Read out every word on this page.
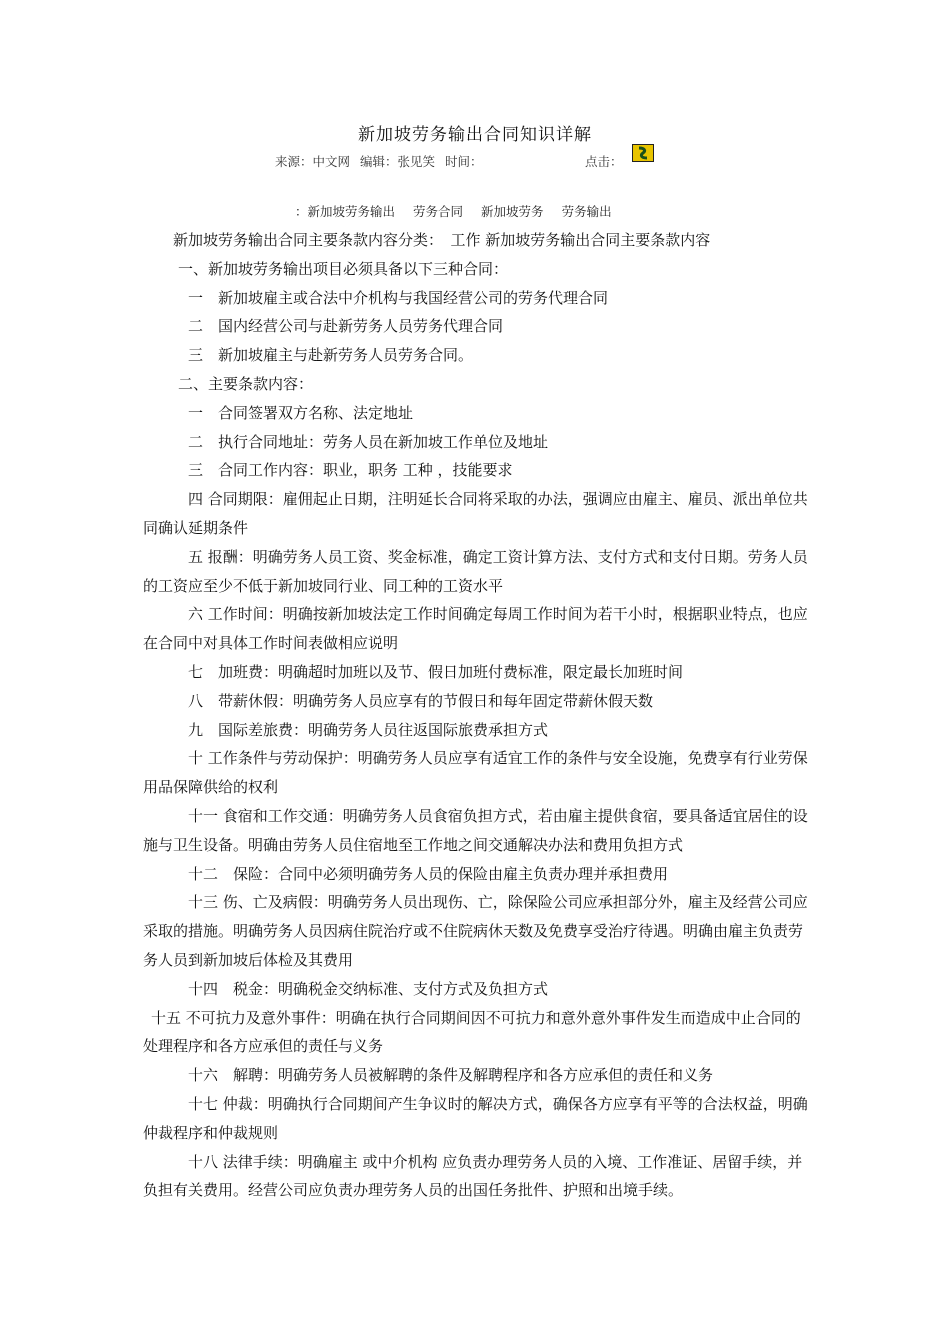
新加坡劳务输出合同知识详解
来源：中文网 编辑：张见笑 时间：	点击：
：新加坡劳务输出 劳务合同 新加坡劳务 劳务输出

新加坡劳务输出合同主要条款内容分类：　工作 新加坡劳务输出合同主要条款内容

一、新加坡劳务输出项目必须具备以下三种合同：

一　新加坡雇主或合法中介机构与我国经营公司的劳务代理合同

二　国内经营公司与赴新劳务人员劳务代理合同

三　新加坡雇主与赴新劳务人员劳务合同。

二、主要条款内容：

一　合同签署双方名称、法定地址

二　执行合同地址：劳务人员在新加坡工作单位及地址

三　合同工作内容：职业，职务 工种 ，技能要求

四 合同期限：雇佣起止日期，注明延长合同将采取的办法，强调应由雇主、雇员、派出单位共同确认延期条件

五 报酬：明确劳务人员工资、奖金标准，确定工资计算方法、支付方式和支付日期。劳务人员的工资应至少不低于新加坡同行业、同工种的工资水平

六 工作时间：明确按新加坡法定工作时间确定每周工作时间为若干小时，根据职业特点，也应在合同中对具体工作时间表做相应说明

七　加班费：明确超时加班以及节、假日加班付费标准，限定最长加班时间

八　带薪休假：明确劳务人员应享有的节假日和每年固定带薪休假天数

九　国际差旅费：明确劳务人员往返国际旅费承担方式

十 工作条件与劳动保护：明确劳务人员应享有适宜工作的条件与安全设施，免费享有行业劳保用品保障供给的权利

十一 食宿和工作交通：明确劳务人员食宿负担方式，若由雇主提供食宿，要具备适宜居住的设施与卫生设备。明确由劳务人员住宿地至工作地之间交通解决办法和费用负担方式

十二　保险：合同中必须明确劳务人员的保险由雇主负责办理并承担费用

十三 伤、亡及病假：明确劳务人员出现伤、亡，除保险公司应承担部分外，雇主及经营公司应采取的措施。明确劳务人员因病住院治疗或不住院病休天数及免费享受治疗待遇。明确由雇主负责劳务人员到新加坡后体检及其费用

十四　税金：明确税金交纳标准、支付方式及负担方式

十五 不可抗力及意外事件：明确在执行合同期间因不可抗力和意外意外事件发生而造成中止合同的处理程序和各方应承但的责任与义务

十六　解聘：明确劳务人员被解聘的条件及解聘程序和各方应承但的责任和义务

十七 仲裁：明确执行合同期间产生争议时的解决方式，确保各方应享有平等的合法权益，明确仲裁程序和仲裁规则

十八 法律手续：明确雇主 或中介机构 应负责办理劳务人员的入境、工作准证、居留手续，并负担有关费用。经营公司应负责办理劳务人员的出国任务批件、护照和出境手续。
